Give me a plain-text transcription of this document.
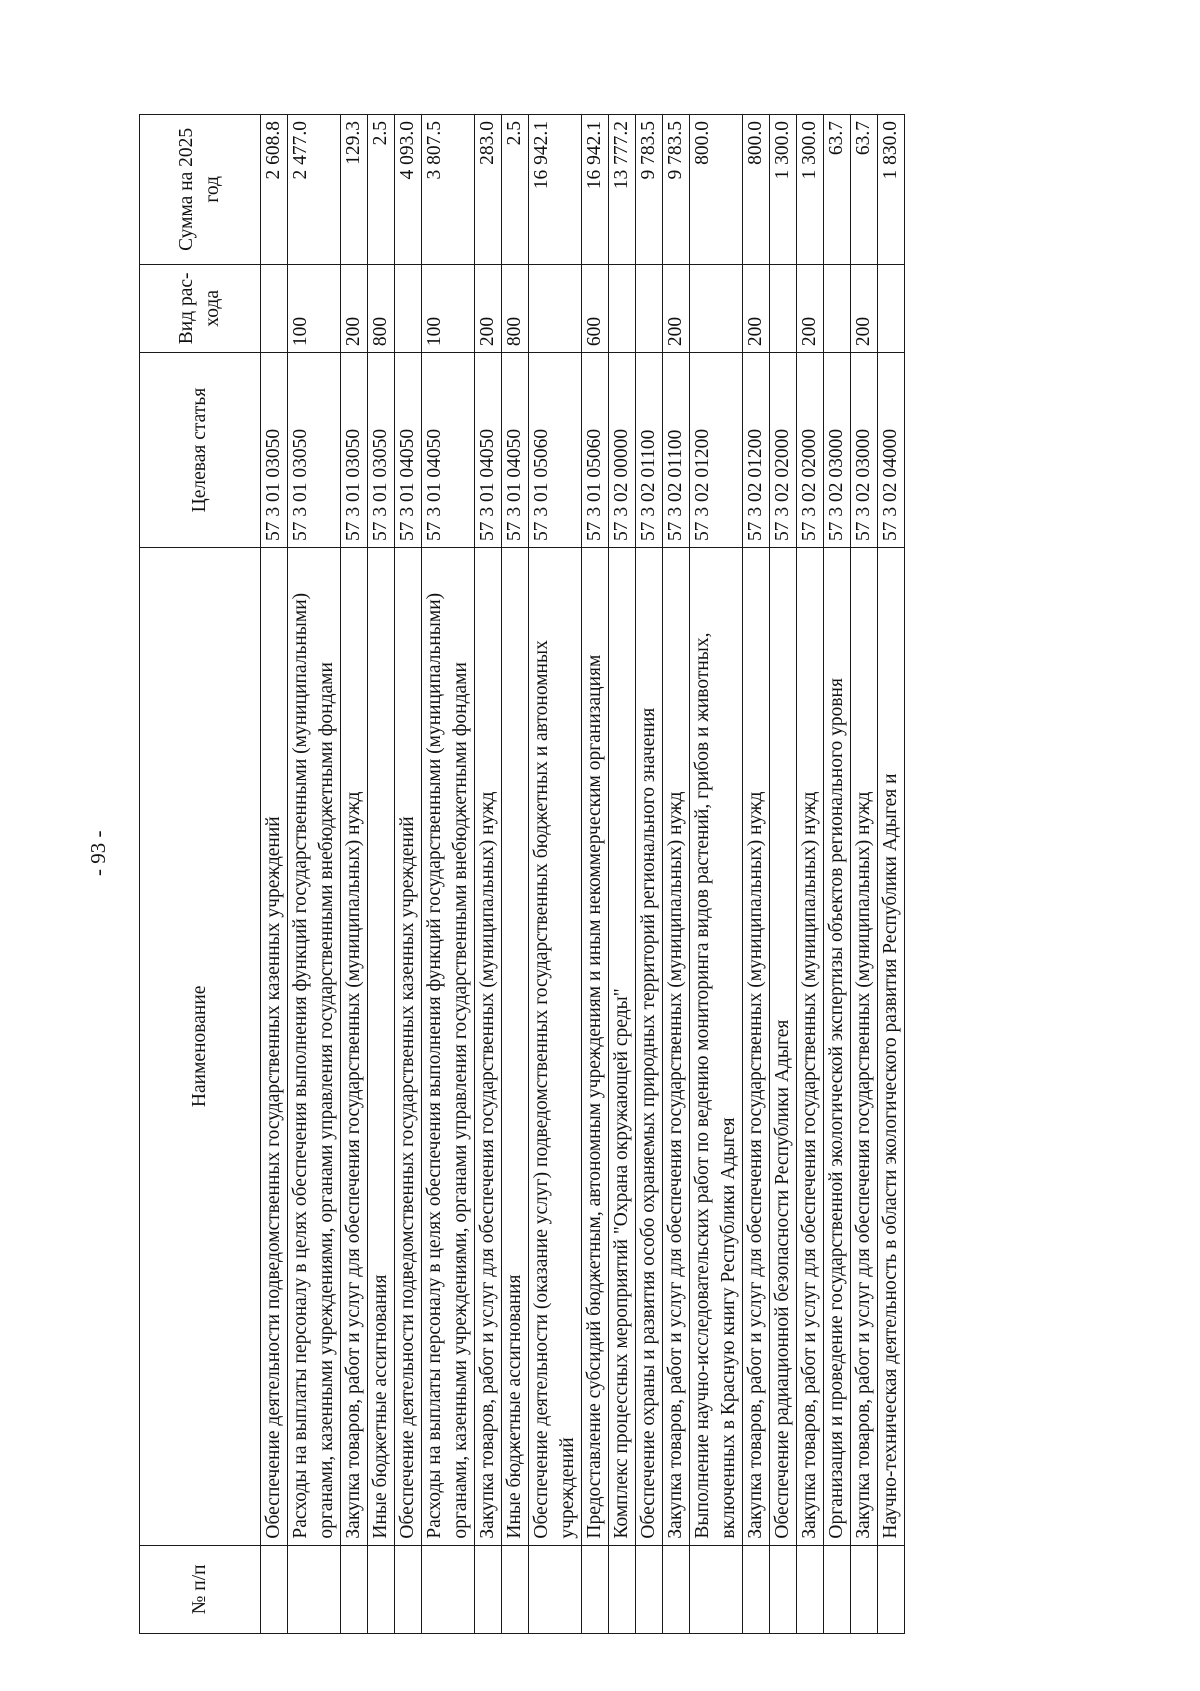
- 93 -
№ п/п	Наименование	Целевая статья	Вид рас- хода	Сумма на 2025 год
	Обеспечение деятельности подведомственных государственных казенных учреждений	57 3 01 03050		2 608.8
	Расходы на выплаты персоналу в целях обеспечения выполнения функций государственными (муниципальными) органами, казенными учреждениями, органами управления государственными внебюджетными фондами	57 3 01 03050	100	2 477.0
	Закупка товаров, работ и услуг для обеспечения государственных (муниципальных) нужд	57 3 01 03050	200	129.3
	Иные бюджетные ассигнования	57 3 01 03050	800	2.5
	Обеспечение деятельности подведомственных государственных казенных учреждений	57 3 01 04050		4 093.0
	Расходы на выплаты персоналу в целях обеспечения выполнения функций государственными (муниципальными) органами, казенными учреждениями, органами управления государственными внебюджетными фондами	57 3 01 04050	100	3 807.5
	Закупка товаров, работ и услуг для обеспечения государственных (муниципальных) нужд	57 3 01 04050	200	283.0
	Иные бюджетные ассигнования	57 3 01 04050	800	2.5
	Обеспечение деятельности (оказание услуг) подведомственных государственных бюджетных и автономных учреждений	57 3 01 05060		16 942.1
	Предоставление субсидий бюджетным, автономным учреждениям и иным некоммерческим организациям	57 3 01 05060	600	16 942.1
	Комплекс процессных мероприятий "Охрана окружающей среды"	57 3 02 00000		13 777.2
	Обеспечение охраны и развития особо охраняемых природных территорий регионального значения	57 3 02 01100		9 783.5
	Закупка товаров, работ и услуг для обеспечения государственных (муниципальных) нужд	57 3 02 01100	200	9 783.5
	Выполнение научно-исследовательских работ по ведению мониторинга видов растений, грибов и животных, включенных в Красную книгу Республики Адыгея	57 3 02 01200		800.0
	Закупка товаров, работ и услуг для обеспечения государственных (муниципальных) нужд	57 3 02 01200	200	800.0
	Обеспечение радиационной безопасности Республики Адыгея	57 3 02 02000		1 300.0
	Закупка товаров, работ и услуг для обеспечения государственных (муниципальных) нужд	57 3 02 02000	200	1 300.0
	Организация и проведение государственной экологической экспертизы объектов регионального уровня	57 3 02 03000		63.7
	Закупка товаров, работ и услуг для обеспечения государственных (муниципальных) нужд	57 3 02 03000	200	63.7
	Научно-техническая деятельность в области экологического развития Республики Адыгея и	57 3 02 04000		1 830.0
